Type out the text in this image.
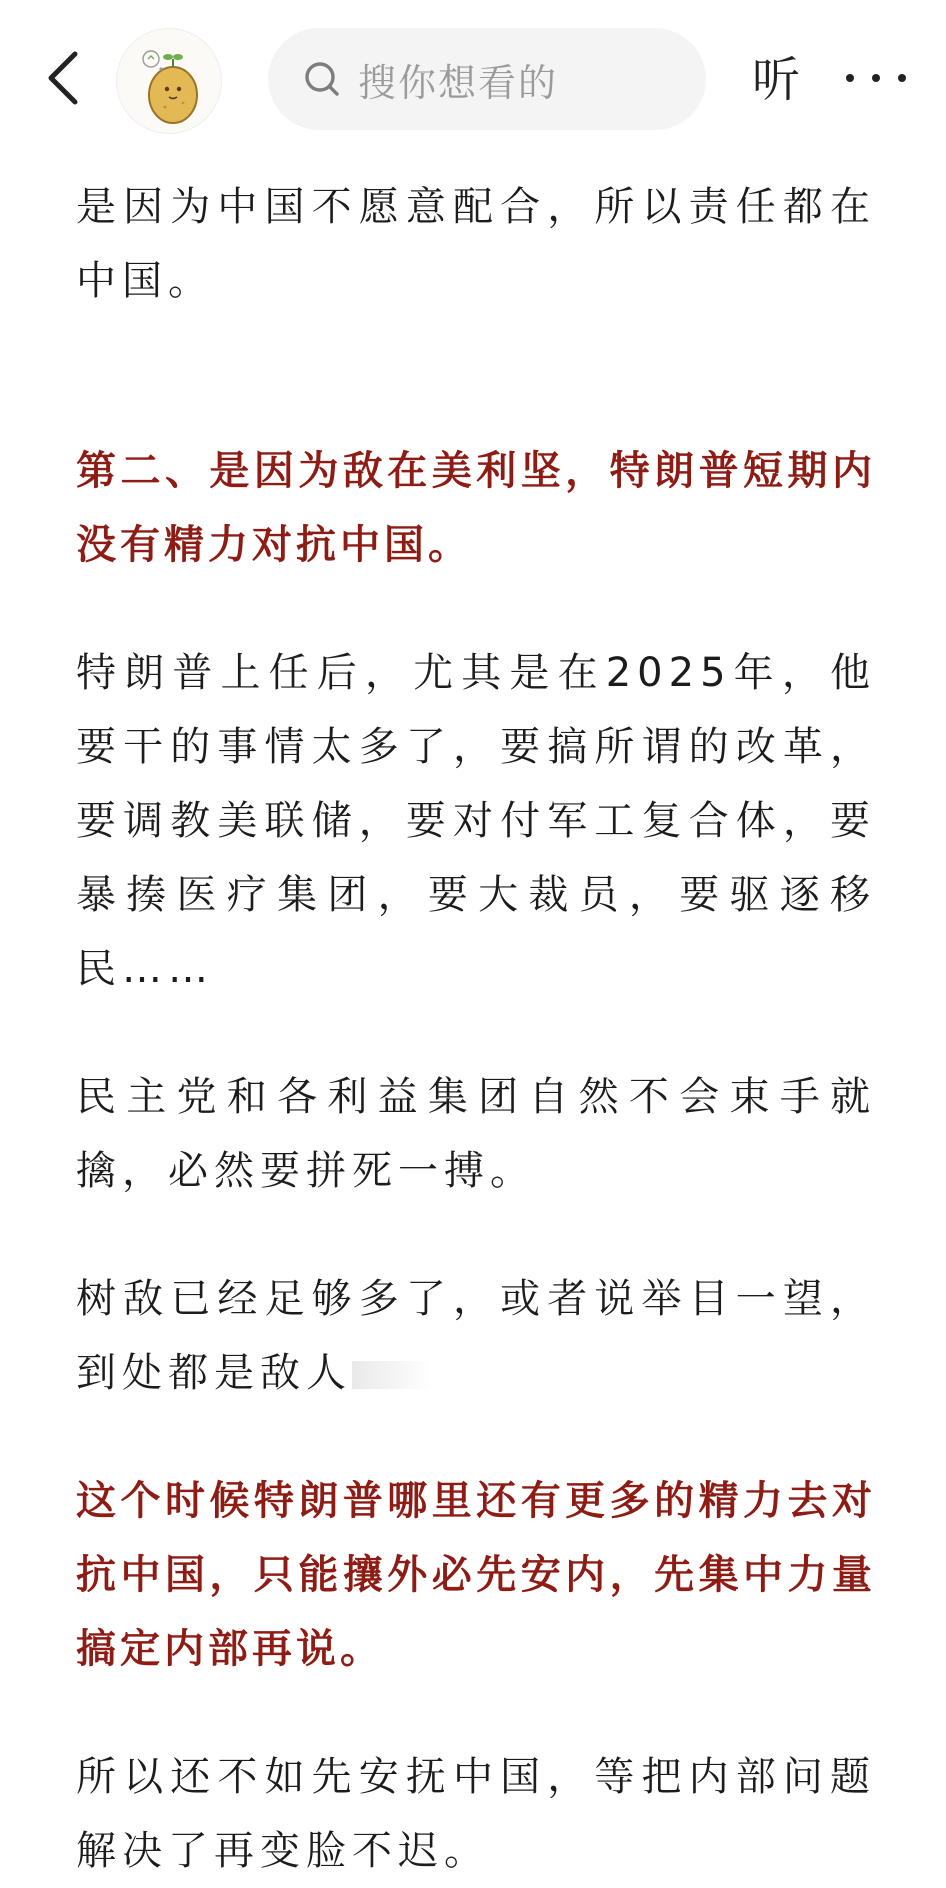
搜你想看的	听

是因为中国不愿意配合，所以责任都在中国。

第二、是因为敌在美利坚，特朗普短期内没有精力对抗中国。

特朗普上任后，尤其是在2025年，他要干的事情太多了，要搞所谓的改革，要调教美联储，要对付军工复合体，要暴揍医疗集团，要大裁员，要驱逐移民……

民主党和各利益集团自然不会束手就擒，必然要拼死一搏。

树敌已经足够多了，或者说举目一望，到处都是敌人

这个时候特朗普哪里还有更多的精力去对抗中国，只能攘外必先安内，先集中力量搞定内部再说。

所以还不如先安抚中国，等把内部问题解决了再变脸不迟。
